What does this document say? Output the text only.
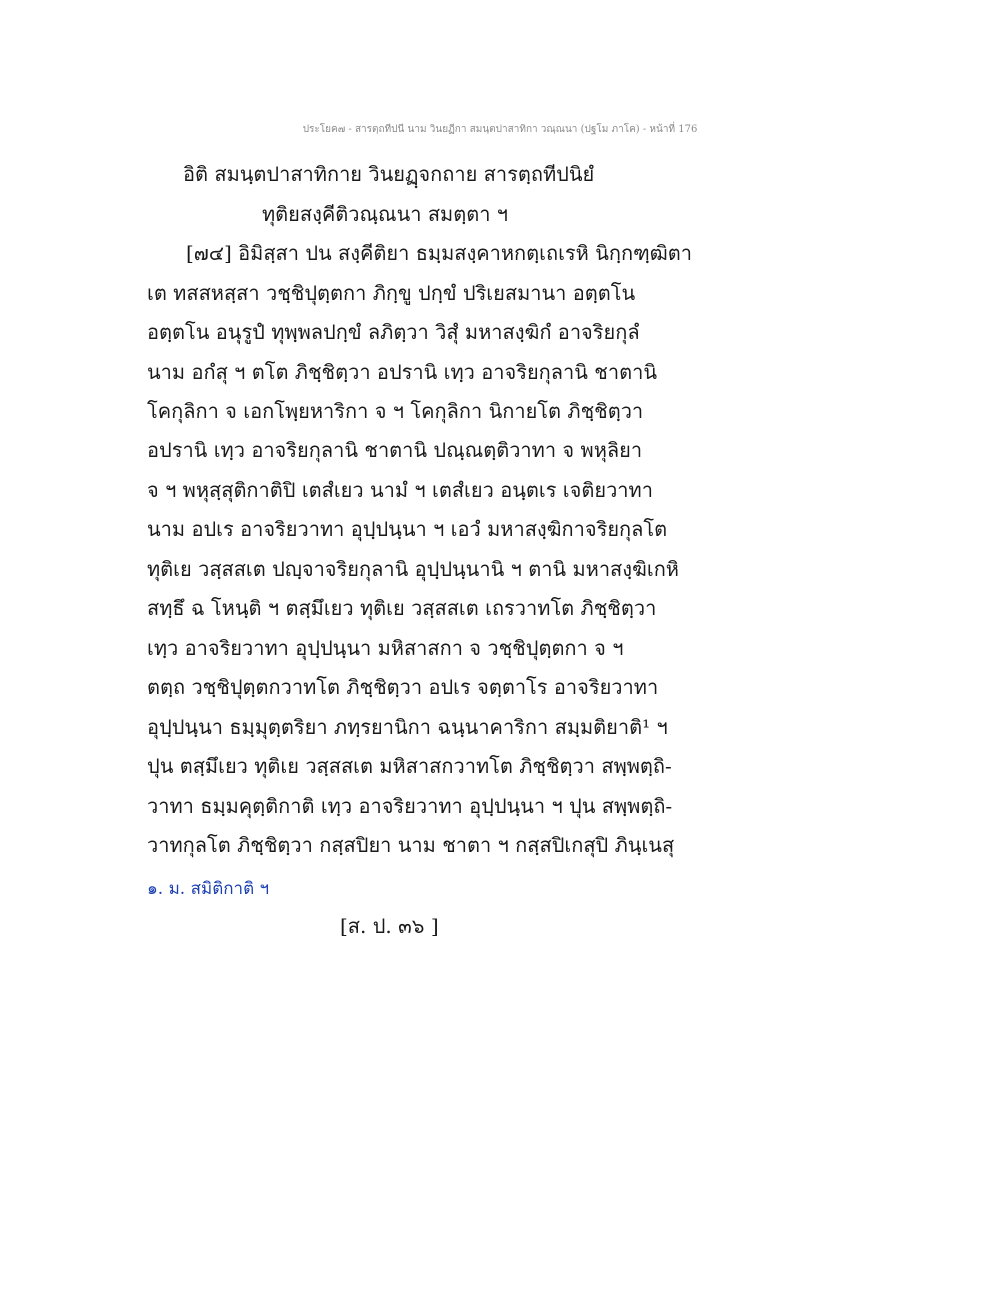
ประโยค๗ - สารตฺถทีปนี นาม วินยฏีกา สมนฺตปาสาทิกา วณฺณนา (ปฐโม ภาโค) - หน้าที่ 176
อิติ สมนฺตปาสาทิกาย วินยฏฺจกถาย สารตฺถทีปนิยํ
ทุติยสงฺคีติวณฺณนา สมตฺตา ฯ
[๗๔] อิมิสฺสา ปน สงฺคีติยา ธมฺมสงฺคาหกตฺเถเรหิ นิกฺกฑฺฒิตา
เต ทสสหสฺสา วชฺชิปุตฺตกา ภิกฺขู ปกฺขํ ปริเยสมานา อตฺตโน
อตฺตโน อนุรูปํ ทุพฺพลปกฺขํ ลภิตฺวา วิสุํ มหาสงฺฆิกํ อาจริยกุลํ
นาม อกํสุ ฯ ตโต ภิชฺชิตฺวา อปรานิ เทฺว อาจริยกุลานิ ชาตานิ
โคกุลิกา จ เอกโพฺยหาริกา จ ฯ โคกุลิกา นิกายโต ภิชฺชิตฺวา
อปรานิ เทฺว อาจริยกุลานิ ชาตานิ ปณฺณตฺติวาทา จ พหุลิยา
จ ฯ พหุสฺสุติกาติปิ เตสํเยว นามํ ฯ เตสํเยว อนฺตเร เจติยวาทา
นาม อปเร อาจริยวาทา อุปฺปนฺนา ฯ เอวํ มหาสงฺฆิกาจริยกุลโต
ทุติเย วสฺสสเต ปญฺจาจริยกุลานิ อุปฺปนฺนานิ ฯ ตานิ มหาสงฺฆิเกหิ
สทฺธึ ฉ โหนฺติ ฯ ตสฺมึเยว ทุติเย วสฺสสเต เถรวาทโต ภิชฺชิตฺวา
เทฺว อาจริยวาทา อุปฺปนฺนา มหิสาสกา จ วชฺชิปุตฺตกา จ ฯ
ตตฺถ วชฺชิปุตฺตกวาทโต ภิชฺชิตฺวา อปเร จตฺตาโร อาจริยวาทา
อุปฺปนฺนา ธมฺมุตฺตริยา ภทฺรยานิกา ฉนฺนาคาริกา สมฺมติยาติ¹ ฯ
ปุน ตสฺมึเยว ทุติเย วสฺสสเต มหิสาสกวาทโต ภิชฺชิตฺวา สพฺพตฺถิ-
วาทา ธมฺมคุตฺติกาติ เทฺว อาจริยวาทา อุปฺปนฺนา ฯ ปุน สพฺพตฺถิ-
วาทกุลโต ภิชฺชิตฺวา กสฺสปิยา นาม ชาตา ฯ กสฺสปิเกสุปิ ภินฺเนสุ
๑. ม. สมิติกาติ ฯ
[ส. ป. ๓๖ ]
